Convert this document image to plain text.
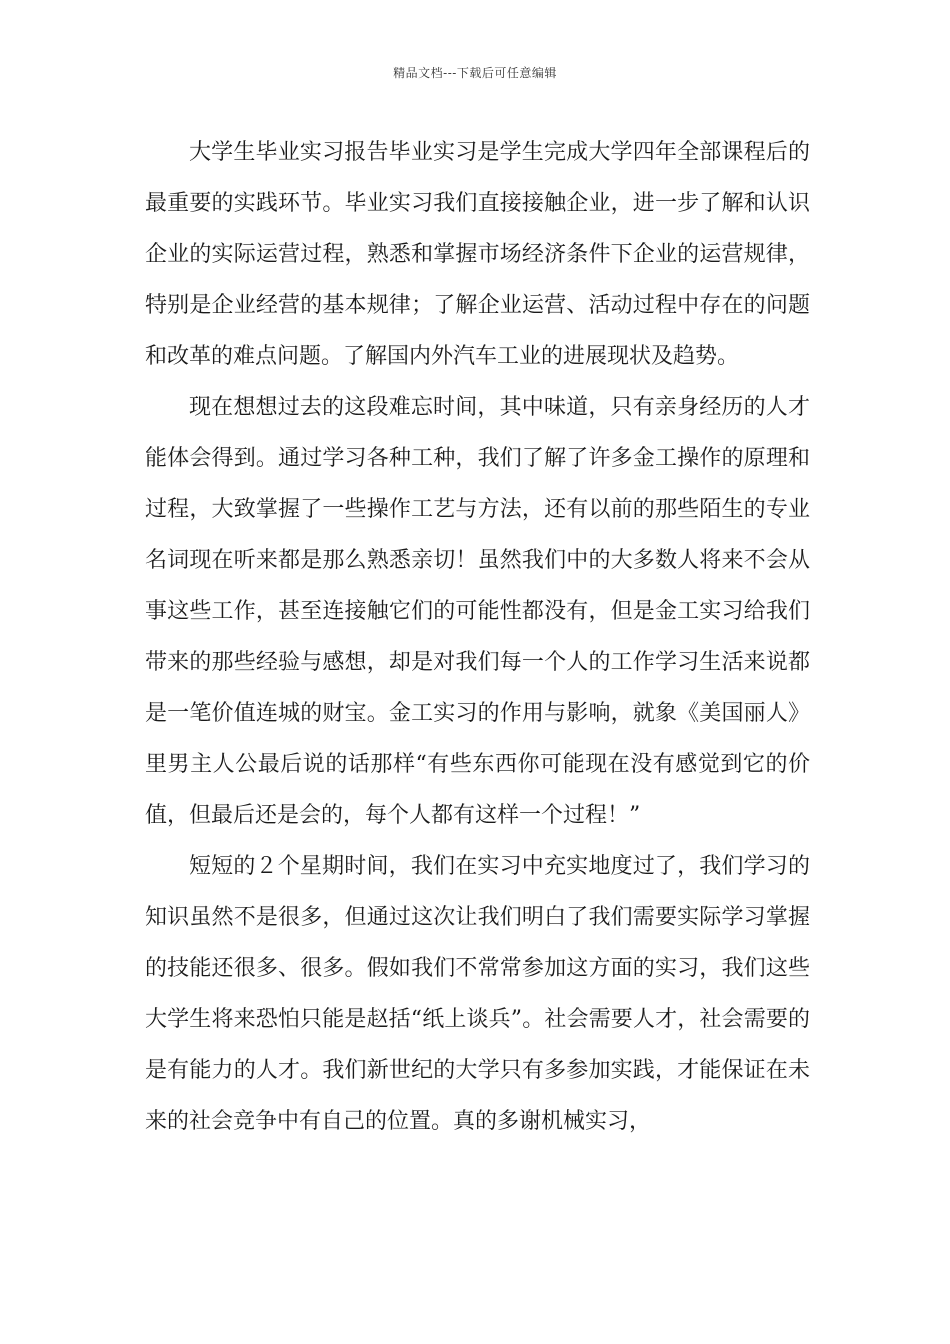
精品文档---下载后可任意编辑

大学生毕业实习报告毕业实习是学生完成大学四年全部课程后的最重要的实践环节。毕业实习我们直接接触企业，进一步了解和认识企业的实际运营过程，熟悉和掌握市场经济条件下企业的运营规律，特别是企业经营的基本规律；了解企业运营、活动过程中存在的问题和改革的难点问题。了解国内外汽车工业的进展现状及趋势。

现在想想过去的这段难忘时间，其中味道，只有亲身经历的人才能体会得到。通过学习各种工种，我们了解了许多金工操作的原理和过程，大致掌握了一些操作工艺与方法，还有以前的那些陌生的专业名词现在听来都是那么熟悉亲切！虽然我们中的大多数人将来不会从事这些工作，甚至连接触它们的可能性都没有，但是金工实习给我们带来的那些经验与感想，却是对我们每一个人的工作学习生活来说都是一笔价值连城的财宝。金工实习的作用与影响，就象《美国丽人》里男主人公最后说的话那样“有些东西你可能现在没有感觉到它的价值，但最后还是会的，每个人都有这样一个过程！”

短短的２个星期时间，我们在实习中充实地度过了，我们学习的知识虽然不是很多，但通过这次让我们明白了我们需要实际学习掌握的技能还很多、很多。假如我们不常常参加这方面的实习，我们这些大学生将来恐怕只能是赵括“纸上谈兵”。社会需要人才，社会需要的是有能力的人才。我们新世纪的大学只有多参加实践，才能保证在未来的社会竞争中有自己的位置。真的多谢机械实习，
